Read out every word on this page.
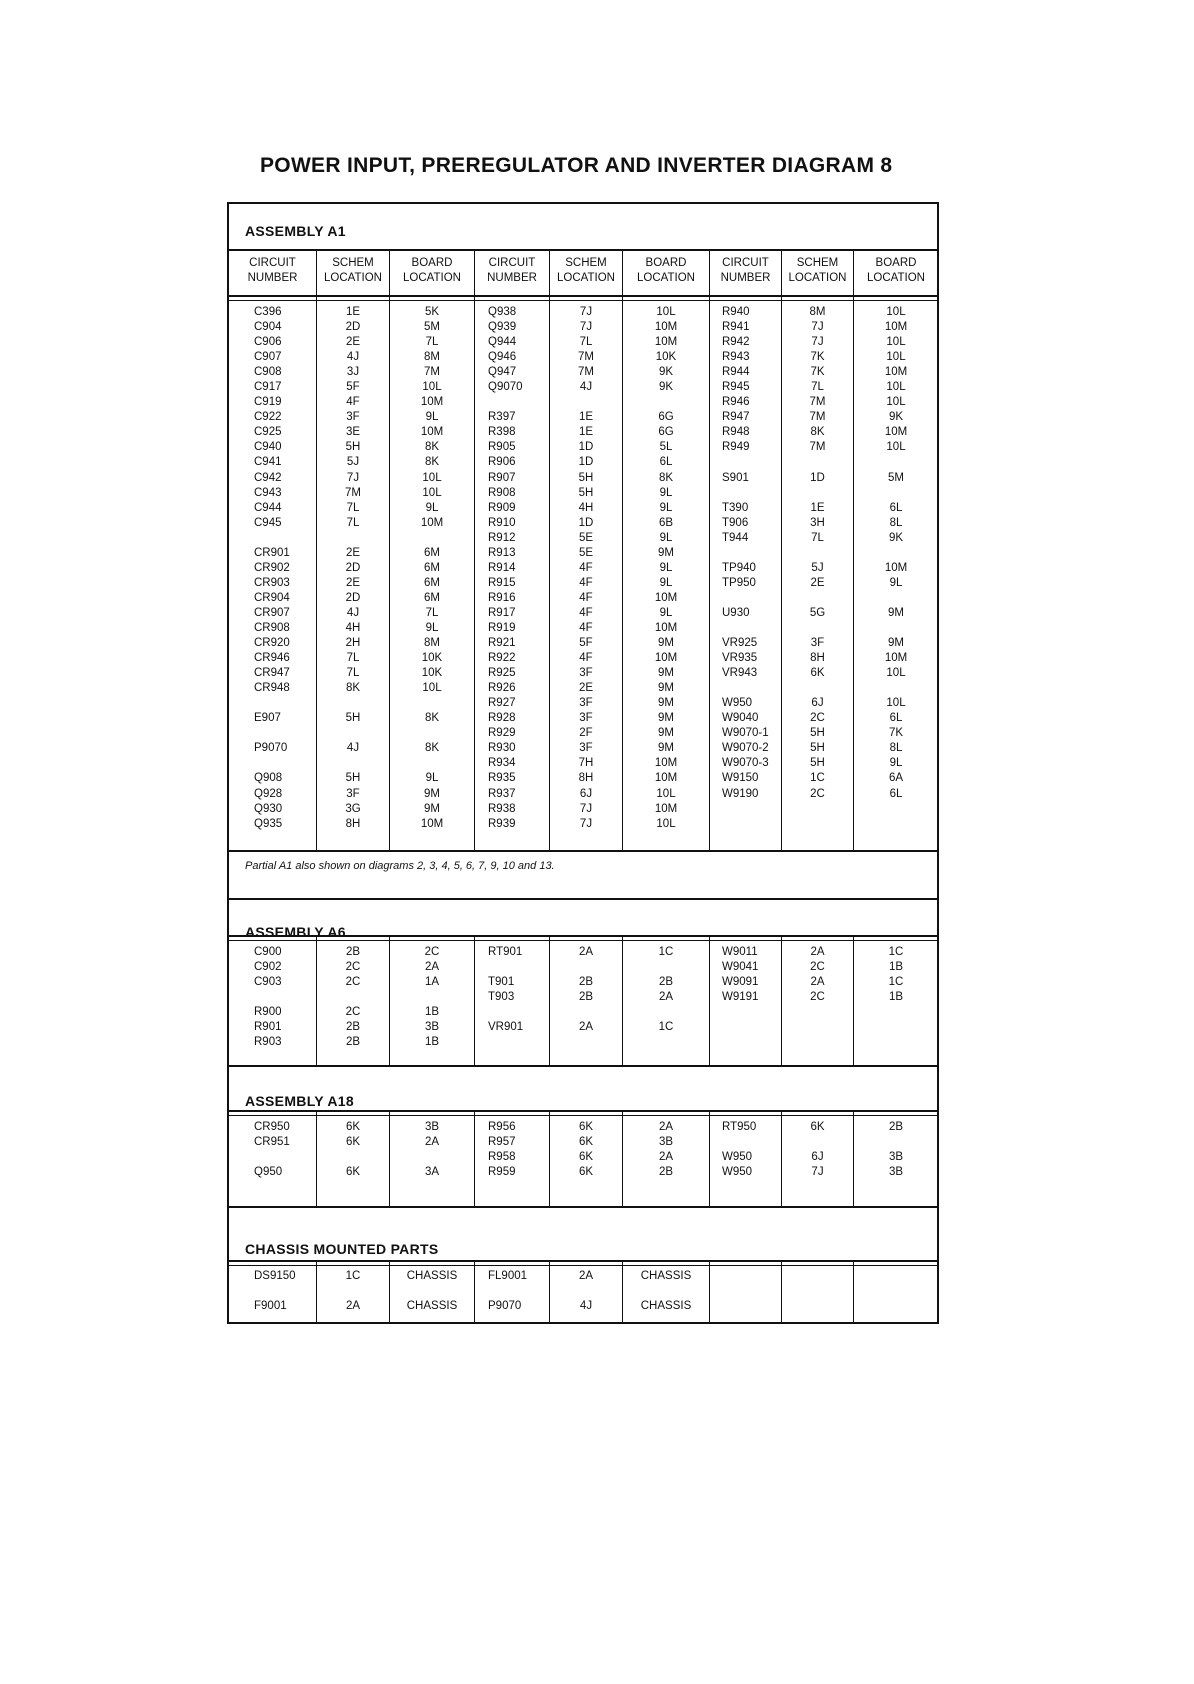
POWER INPUT, PREREGULATOR AND INVERTER DIAGRAM 8
ASSEMBLY A1
ASSEMBLY A6
ASSEMBLY A18
CHASSIS MOUNTED PARTS
CIRCUIT
NUMBER
SCHEM
LOCATION
BOARD
LOCATION
CIRCUIT
NUMBER
SCHEM
LOCATION
BOARD
LOCATION
CIRCUIT
NUMBER
SCHEM
LOCATION
BOARD
LOCATION
C396
C904
C906
C907
C908
C917
C919
C922
C925
C940
C941
C942
C943
C944
C945
CR901
CR902
CR903
CR904
CR907
CR908
CR920
CR946
CR947
CR948
E907
P9070
Q908
Q928
Q930
Q935
1E
2D
2E
4J
3J
5F
4F
3F
3E
5H
5J
7J
7M
7L
7L
2E
2D
2E
2D
4J
4H
2H
7L
7L
8K
5H
4J
5H
3F
3G
8H
5K
5M
7L
8M
7M
10L
10M
9L
10M
8K
8K
10L
10L
9L
10M
6M
6M
6M
6M
7L
9L
8M
10K
10K
10L
8K
8K
9L
9M
9M
10M
Q938
Q939
Q944
Q946
Q947
Q9070
R397
R398
R905
R906
R907
R908
R909
R910
R912
R913
R914
R915
R916
R917
R919
R921
R922
R925
R926
R927
R928
R929
R930
R934
R935
R937
R938
R939
7J
7J
7L
7M
7M
4J
1E
1E
1D
1D
5H
5H
4H
1D
5E
5E
4F
4F
4F
4F
4F
5F
4F
3F
2E
3F
3F
2F
3F
7H
8H
6J
7J
7J
10L
10M
10M
10K
9K
9K
6G
6G
5L
6L
8K
9L
9L
6B
9L
9M
9L
9L
10M
9L
10M
9M
10M
9M
9M
9M
9M
9M
9M
10M
10M
10L
10M
10L
R940
R941
R942
R943
R944
R945
R946
R947
R948
R949
S901
T390
T906
T944
TP940
TP950
U930
VR925
VR935
VR943
W950
W9040
W9070-1
W9070-2
W9070-3
W9150
W9190
8M
7J
7J
7K
7K
7L
7M
7M
8K
7M
1D
1E
3H
7L
5J
2E
5G
3F
8H
6K
6J
2C
5H
5H
5H
1C
2C
10L
10M
10L
10L
10M
10L
10L
9K
10M
10L
5M
6L
8L
9K
10M
9L
9M
9M
10M
10L
10L
6L
7K
8L
9L
6A
6L
Partial A1 also shown on diagrams 2, 3, 4, 5, 6, 7, 9, 10 and 13.
C900
C902
C903
R900
R901
R903
2B
2C
2C
2C
2B
2B
2C
2A
1A
1B
3B
1B
RT901
T901
T903
VR901
2A
2B
2B
2A
1C
2B
2A
1C
W9011
W9041
W9091
W9191
2A
2C
2A
2C
1C
1B
1C
1B
CR950
CR951
Q950
6K
6K
6K
3B
2A
3A
R956
R957
R958
R959
6K
6K
6K
6K
2A
3B
2A
2B
RT950
W950
W950
6K
6J
7J
2B
3B
3B
DS9150
F9001
1C
2A
CHASSIS
CHASSIS
FL9001
P9070
2A
4J
CHASSIS
CHASSIS
